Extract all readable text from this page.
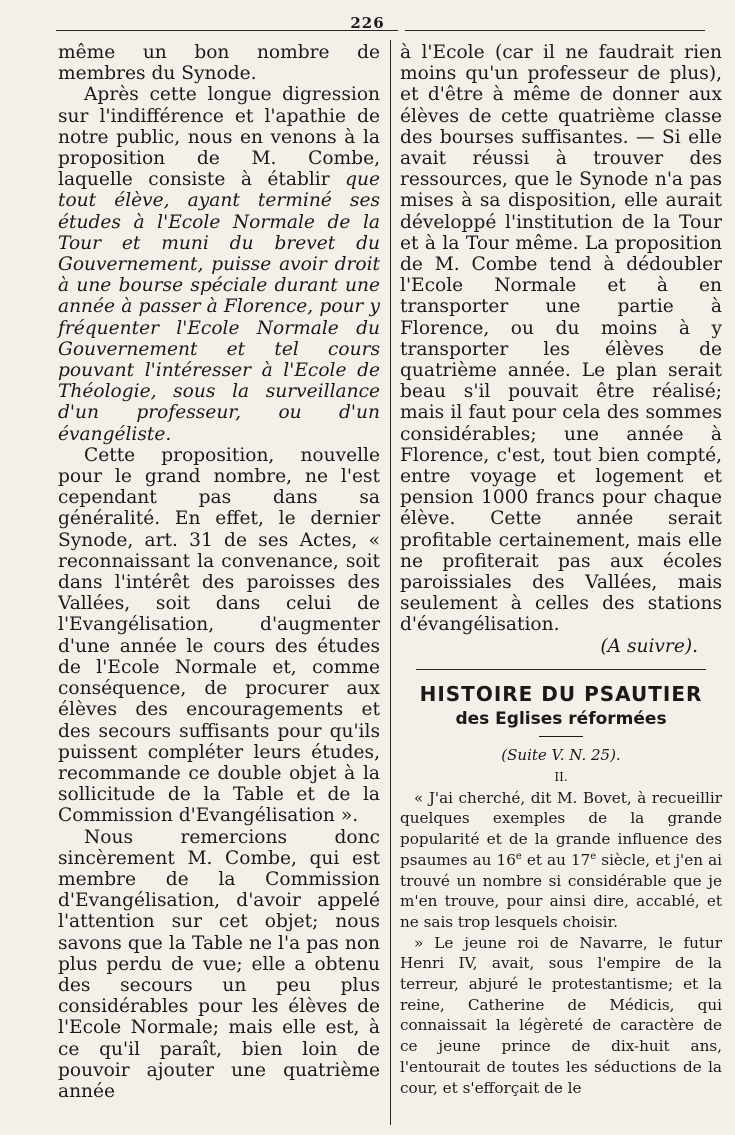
226

même un bon nombre de membres du Synode.

Après cette longue digression sur l'indifférence et l'apathie de notre public, nous en venons à la proposition de M. Combe, laquelle consiste à établir que tout élève, ayant terminé ses études à l'Ecole Normale de la Tour et muni du brevet du Gouvernement, puisse avoir droit à une bourse spéciale durant une année à passer à Florence, pour y fréquenter l'Ecole Normale du Gouvernement et tel cours pouvant l'intéresser à l'Ecole de Théologie, sous la surveillance d'un professeur, ou d'un évangéliste.

Cette proposition, nouvelle pour le grand nombre, ne l'est cependant pas dans sa généralité. En effet, le dernier Synode, art. 31 de ses Actes, « reconnaissant la convenance, soit dans l'intérêt des paroisses des Vallées, soit dans celui de l'Evangélisation, d'augmenter d'une année le cours des études de l'Ecole Normale et, comme conséquence, de procurer aux élèves des encouragements et des secours suffisants pour qu'ils puissent compléter leurs études, recommande ce double objet à la sollicitude de la Table et de la Commission d'Evangélisation ».

Nous remercions donc sincèrement M. Combe, qui est membre de la Commission d'Evangélisation, d'avoir appelé l'attention sur cet objet; nous savons que la Table ne l'a pas non plus perdu de vue; elle a obtenu des secours un peu plus considérables pour les élèves de l'Ecole Normale; mais elle est, à ce qu'il paraît, bien loin de pouvoir ajouter une quatrième année

à l'Ecole (car il ne faudrait rien moins qu'un professeur de plus), et d'être à même de donner aux élèves de cette quatrième classe des bourses suffisantes. — Si elle avait réussi à trouver des ressources, que le Synode n'a pas mises à sa disposition, elle aurait développé l'institution de la Tour et à la Tour même. La proposition de M. Combe tend à dédoubler l'Ecole Normale et à en transporter une partie à Florence, ou du moins à y transporter les élèves de quatrième année. Le plan serait beau s'il pouvait être réalisé; mais il faut pour cela des sommes considérables; une année à Florence, c'est, tout bien compté, entre voyage et logement et pension 1000 francs pour chaque élève. Cette année serait profitable certainement, mais elle ne profiterait pas aux écoles paroissiales des Vallées, mais seulement à celles des stations d'évangélisation.

(A suivre).

HISTOIRE DU PSAUTIER
des Eglises réformées

(Suite V. N. 25).

II.

« J'ai cherché, dit M. Bovet, à recueillir quelques exemples de la grande popularité et de la grande influence des psaumes au 16e et au 17e siècle, et j'en ai trouvé un nombre si considérable que je m'en trouve, pour ainsi dire, accablé, et ne sais trop lesquels choisir.

» Le jeune roi de Navarre, le futur Henri IV, avait, sous l'empire de la terreur, abjuré le protestantisme; et la reine, Catherine de Médicis, qui connaissait la légèreté de caractère de ce jeune prince de dix-huit ans, l'entourait de toutes les séductions de la cour, et s'efforçait de le
